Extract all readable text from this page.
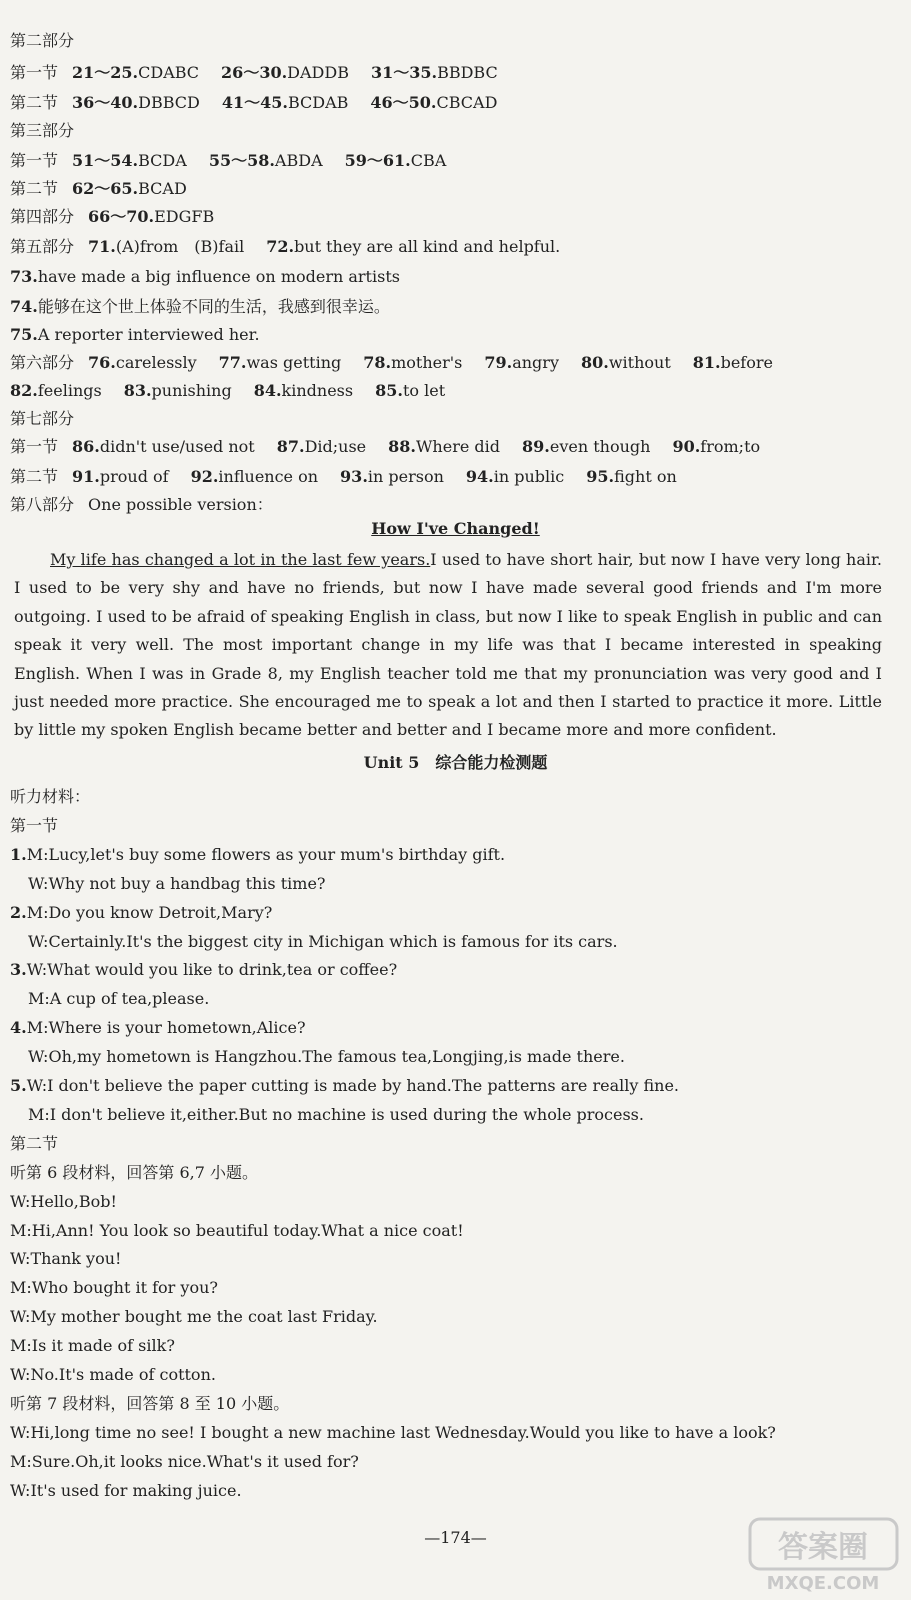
第二部分
第一节 21～25.CDABC 26～30.DADDB 31～35.BBDBC
第二节 36～40.DBBCD 41～45.BCDAB 46～50.CBCAD
第三部分
第一节 51～54.BCDA 55～58.ABDA 59～61.CBA
第二节 62～65.BCAD
第四部分 66～70.EDGFB
第五部分 71.(A)from　(B)fail 72.but they are all kind and helpful.
73.have made a big influence on modern artists
74.能够在这个世上体验不同的生活，我感到很幸运。
75.A reporter interviewed her.
第六部分 76.carelessly 77.was getting 78.mother's 79.angry 80.without 81.before
82.feelings 83.punishing 84.kindness 85.to let
第七部分
第一节 86.didn't use/used not 87.Did;use 88.Where did 89.even though 90.from;to
第二节 91.proud of 92.influence on 93.in person 94.in public 95.fight on
第八部分 One possible version：
How I've Changed!
My life has changed a lot in the last few years.I used to have short hair, but now I have very long hair. I used to be very shy and have no friends, but now I have made several good friends and I'm more outgoing. I used to be afraid of speaking English in class, but now I like to speak English in public and can speak it very well. The most important change in my life was that I became interested in speaking English. When I was in Grade 8, my English teacher told me that my pronunciation was very good and I just needed more practice. She encouraged me to speak a lot and then I started to practice it more. Little by little my spoken English became better and better and I became more and more confident.
Unit 5　综合能力检测题
听力材料：
第一节
1.M:Lucy,let's buy some flowers as your mum's birthday gift.
W:Why not buy a handbag this time?
2.M:Do you know Detroit,Mary?
W:Certainly.It's the biggest city in Michigan which is famous for its cars.
3.W:What would you like to drink,tea or coffee?
M:A cup of tea,please.
4.M:Where is your hometown,Alice?
W:Oh,my hometown is Hangzhou.The famous tea,Longjing,is made there.
5.W:I don't believe the paper cutting is made by hand.The patterns are really fine.
M:I don't believe it,either.But no machine is used during the whole process.
第二节
听第 6 段材料，回答第 6,7 小题。
W:Hello,Bob!
M:Hi,Ann! You look so beautiful today.What a nice coat!
W:Thank you!
M:Who bought it for you?
W:My mother bought me the coat last Friday.
M:Is it made of silk?
W:No.It's made of cotton.
听第 7 段材料，回答第 8 至 10 小题。
W:Hi,long time no see! I bought a new machine last Wednesday.Would you like to have a look?
M:Sure.Oh,it looks nice.What's it used for?
W:It's used for making juice.
—174—	答案圈
MXQE.COM
